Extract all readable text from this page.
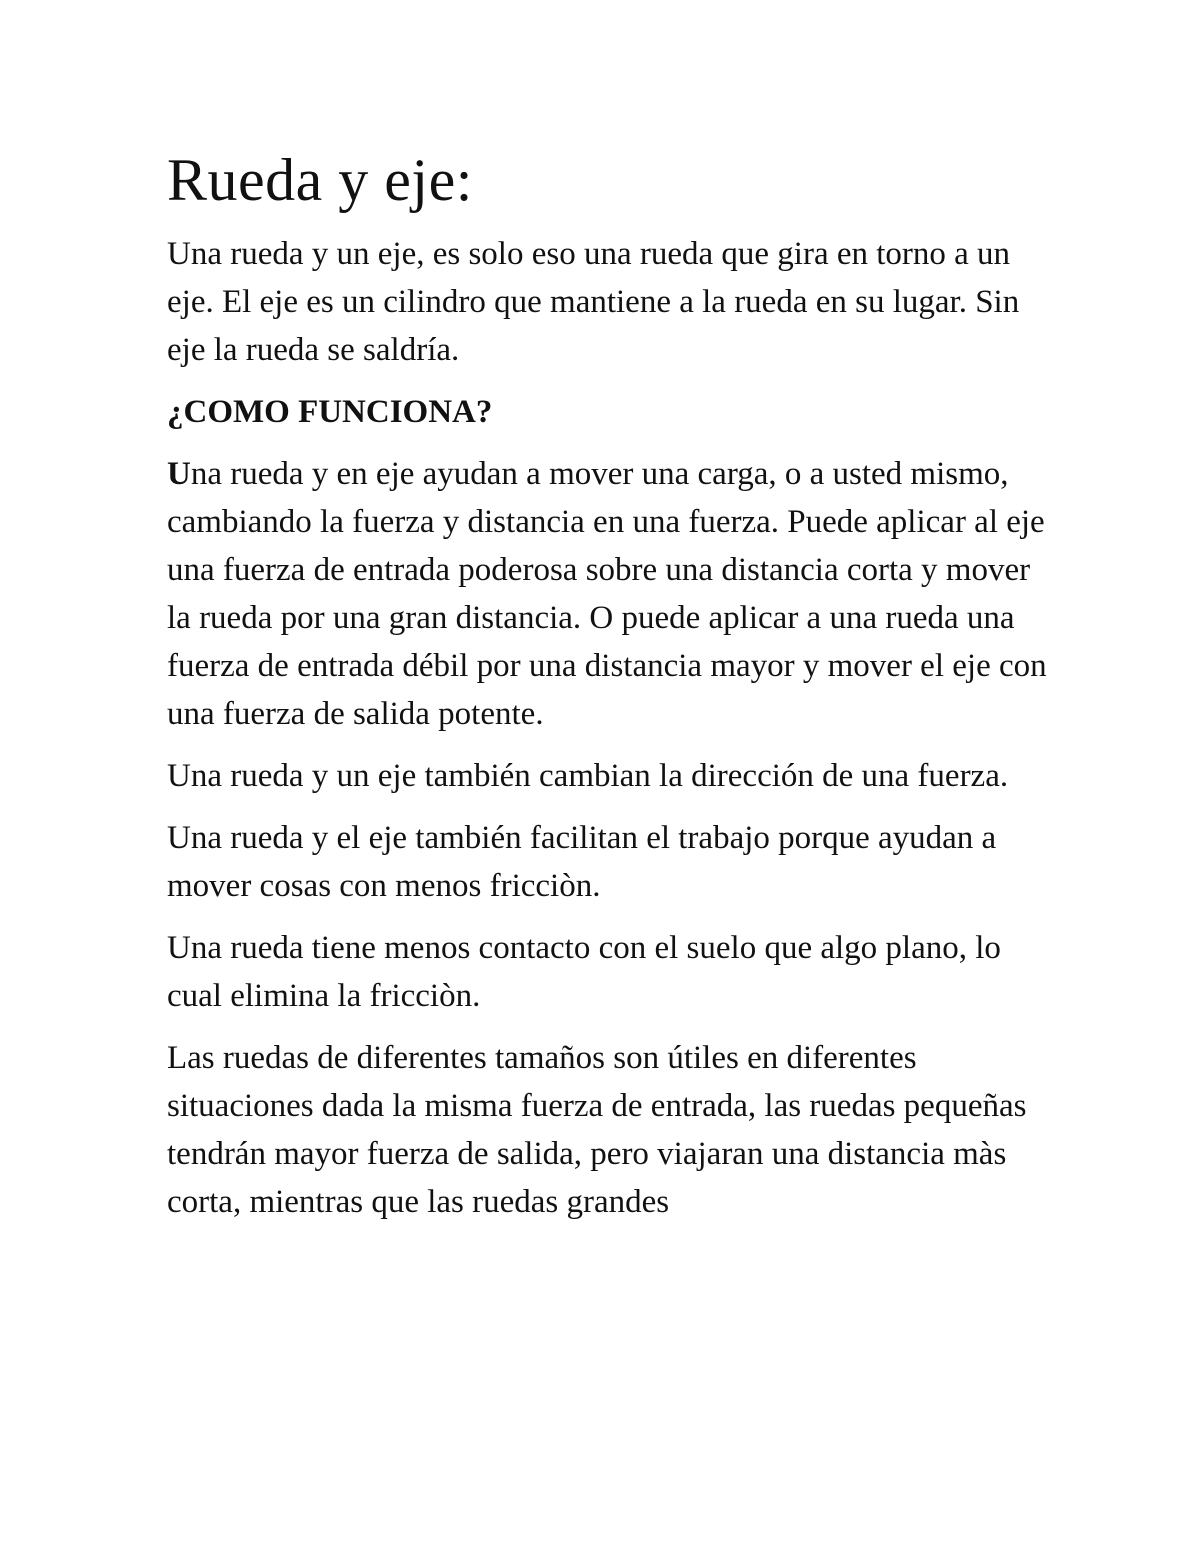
Rueda y eje:

Una rueda y un eje, es solo eso una rueda que gira en torno a un eje. El eje es un cilindro que mantiene a la rueda en su lugar. Sin eje la rueda se saldría.

¿COMO FUNCIONA?

Una rueda y en eje ayudan a mover una carga, o a usted mismo, cambiando la fuerza y distancia en una fuerza. Puede aplicar al eje una fuerza de entrada poderosa sobre una distancia corta y mover la rueda por una gran distancia. O puede aplicar a una rueda una fuerza de entrada débil por una distancia mayor y mover el eje con una fuerza de salida potente.

Una rueda y un eje también cambian la dirección de una fuerza.

Una rueda y el eje también facilitan el trabajo porque ayudan a mover cosas con menos fricciòn.

Una rueda tiene menos contacto con el suelo que algo plano, lo cual elimina la fricciòn.

Las ruedas de diferentes tamaños son útiles en diferentes situaciones dada la misma fuerza de entrada, las ruedas pequeñas tendrán mayor fuerza de salida, pero viajaran una distancia màs corta, mientras que las ruedas grandes
